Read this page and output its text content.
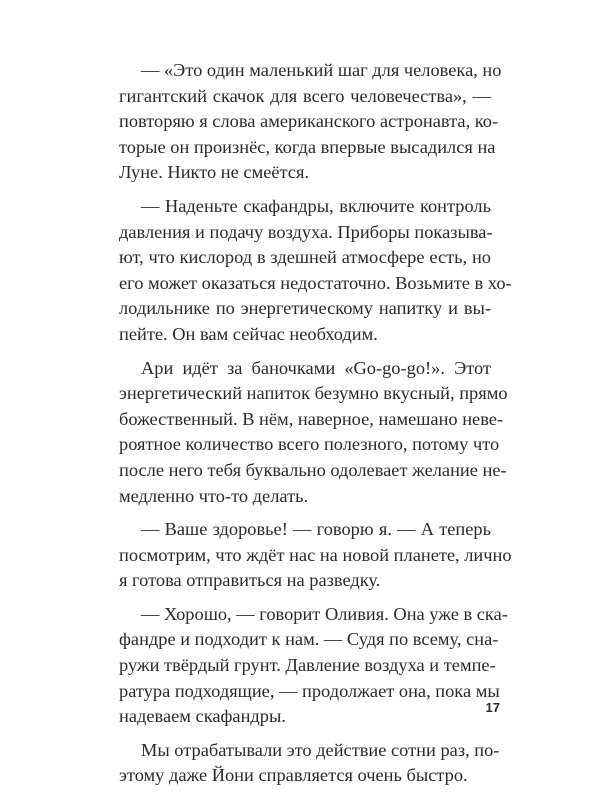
— «Это один маленький шаг для человека, но
гигантский скачок для всего человечества», —
повторяю я слова американского астронавта, ко-
торые он произнёс, когда впервые высадился на
Луне. Никто не смеётся.
— Наденьте скафандры, включите контроль
давления и подачу воздуха. Приборы показыва-
ют, что кислород в здешней атмосфере есть, но
его может оказаться недостаточно. Возьмите в хо-
лодильнике по энергетическому напитку и вы-
пейте. Он вам сейчас необходим.
Ари идёт за баночками «Go-go-go!». Этот
энергетический напиток безумно вкусный, прямо
божественный. В нём, наверное, намешано неве-
роятное количество всего полезного, потому что
после него тебя буквально одолевает желание не-
медленно что-то делать.
— Ваше здоровье! — говорю я. — А теперь
посмотрим, что ждёт нас на новой планете, лично
я готова отправиться на разведку.
— Хорошо, — говорит Оливия. Она уже в ска-
фандре и подходит к нам. — Судя по всему, сна-
ружи твёрдый грунт. Давление воздуха и темпе-
ратура подходящие, — продолжает она, пока мы
надеваем скафандры.
Мы отрабатывали это действие сотни раз, по-
этому даже Йони справляется очень быстро.
17
